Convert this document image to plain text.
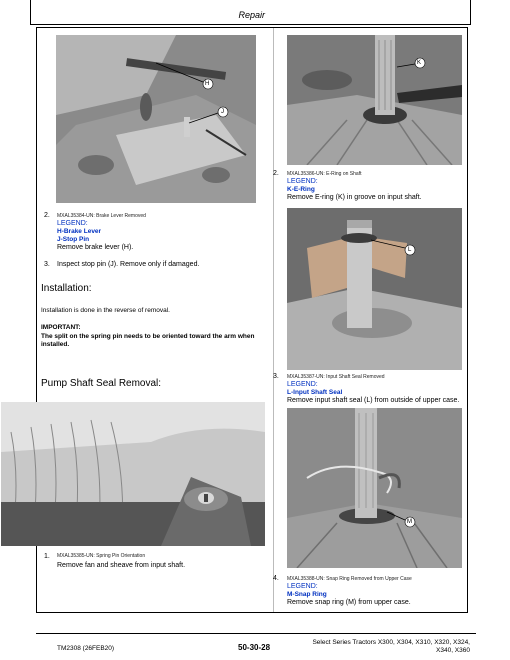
Repair
H
J
2. MXAL35384-UN: Brake Lever Removed
LEGEND:
H-Brake Lever
J-Stop Pin
Remove brake lever (H).
3. Inspect stop pin (J). Remove only if damaged.
Installation:
Installation is done in the reverse of removal.
IMPORTANT:
The split on the spring pin needs to be oriented toward the arm when installed.
Pump Shaft Seal Removal:
1. MXAL35385-UN: Spring Pin Orientation
Remove fan and sheave from input shaft.
K
2. MXAL35386-UN: E-Ring on Shaft
LEGEND:
K-E-Ring
Remove E-ring (K) in groove on input shaft.
L
3. MXAL35387-UN: Input Shaft Seal Removed
LEGEND:
L-Input Shaft Seal
Remove input shaft seal (L) from outside of upper case.
M
4. MXAL35388-UN: Snap Ring Removed from Upper Case
LEGEND:
M-Snap Ring
Remove snap ring (M) from upper case.
TM2308 (26FEB20)	50-30-28
Select Series Tractors X300, X304, X310, X320, X324,
X340, X360
